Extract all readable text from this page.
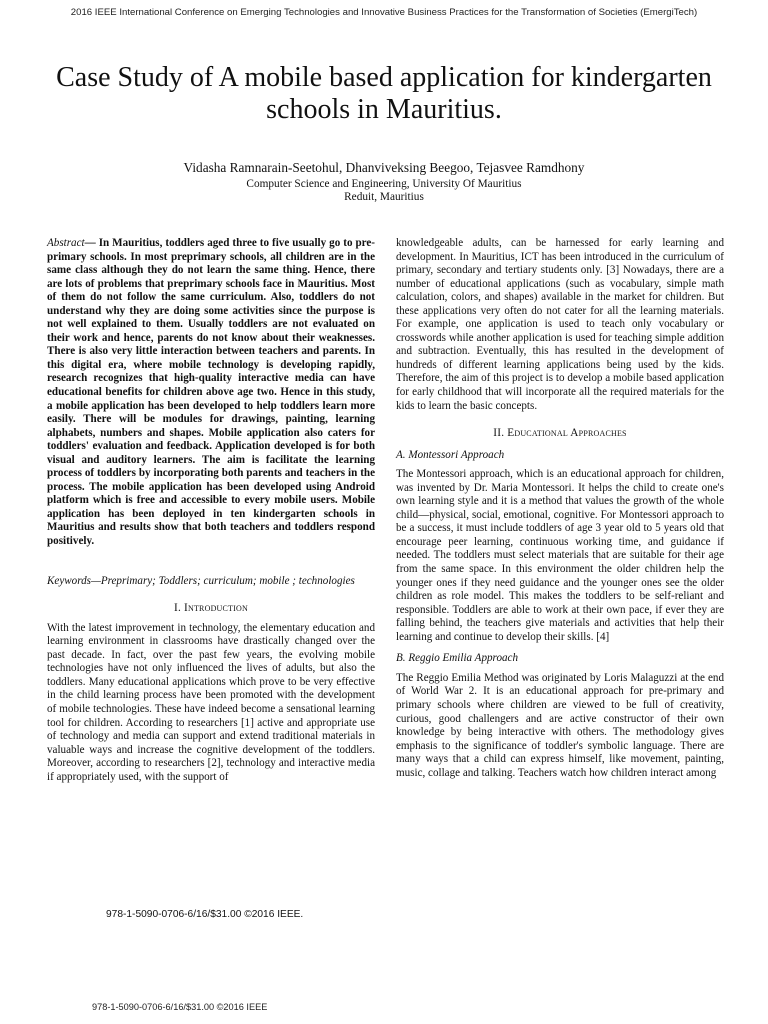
2016 IEEE International Conference on Emerging Technologies and Innovative Business Practices for the Transformation of Societies (EmergiTech)
Case Study of A mobile based application for kindergarten schools in Mauritius.
Vidasha Ramnarain-Seetohul, Dhanviveksing Beegoo, Tejasvee Ramdhony
Computer Science and Engineering, University Of Mauritius
Reduit, Mauritius

Abstract— In Mauritius, toddlers aged three to five usually go to pre-primary schools. In most preprimary schools, all children are in the same class although they do not learn the same thing. Hence, there are lots of problems that preprimary schools face in Mauritius. Most of them do not follow the same curriculum. Also, toddlers do not understand why they are doing some activities since the purpose is not well explained to them. Usually toddlers are not evaluated on their work and hence, parents do not know about their weaknesses. There is also very little interaction between teachers and parents. In this digital era, where mobile technology is developing rapidly, research recognizes that high-quality interactive media can have educational benefits for children above age two. Hence in this study, a mobile application has been developed to help toddlers learn more easily. There will be modules for drawings, painting, learning alphabets, numbers and shapes. Mobile application also caters for toddlers' evaluation and feedback. Application developed is for both visual and auditory learners. The aim is facilitate the learning process of toddlers by incorporating both parents and teachers in the process. The mobile application has been developed using Android platform which is free and accessible to every mobile users. Mobile application has been deployed in ten kindergarten schools in Mauritius and results show that both teachers and toddlers respond positively.

Keywords—Preprimary; Toddlers; curriculum; mobile ; technologies

I. Introduction

With the latest improvement in technology, the elementary education and learning environment in classrooms have drastically changed over the past decade. In fact, over the past few years, the evolving mobile technologies have not only influenced the lives of adults, but also the toddlers. Many educational applications which prove to be very effective in the child learning process have been promoted with the development of mobile technologies. These have indeed become a sensational learning tool for children. According to researchers [1] active and appropriate use of technology and media can support and extend traditional materials in valuable ways and increase the cognitive development of the toddlers. Moreover, according to researchers [2], technology and interactive media if appropriately used, with the support of

knowledgeable adults, can be harnessed for early learning and development. In Mauritius, ICT has been introduced in the curriculum of primary, secondary and tertiary students only. [3] Nowadays, there are a number of educational applications (such as vocabulary, simple math calculation, colors, and shapes) available in the market for children. But these applications very often do not cater for all the learning materials. For example, one application is used to teach only vocabulary or crosswords while another application is used for teaching simple addition and subtraction. Eventually, this has resulted in the development of hundreds of different learning applications being used by the kids. Therefore, the aim of this project is to develop a mobile based application for early childhood that will incorporate all the required materials for the kids to learn the basic concepts.

II. Educational Approaches

A. Montessori Approach

The Montessori approach, which is an educational approach for children, was invented by Dr. Maria Montessori. It helps the child to create one's own learning style and it is a method that values the growth of the whole child—physical, social, emotional, cognitive. For Montessori approach to be a success, it must include toddlers of age 3 year old to 5 years old that encourage peer learning, continuous working time, and guidance if needed. The toddlers must select materials that are suitable for their age from the same space. In this environment the older children help the younger ones if they need guidance and the younger ones see the older children as role model. This makes the toddlers to be self-reliant and responsible. Toddlers are able to work at their own pace, if ever they are falling behind, the teachers give materials and activities that help their learning and continue to develop their skills. [4]

B. Reggio Emilia Approach

The Reggio Emilia Method was originated by Loris Malaguzzi at the end of World War 2. It is an educational approach for pre-primary and primary schools where children are viewed to be full of creativity, curious, good challengers and are active constructor of their own knowledge by being interactive with others. The methodology gives emphasis to the significance of toddler's symbolic language. There are many ways that a child can express himself, like movement, painting, music, collage and talking. Teachers watch how children interact among

978-1-5090-0706-6/16/$31.00 ©2016 IEEE.
978-1-5090-0706-6/16/$31.00 ©2016 IEEE
